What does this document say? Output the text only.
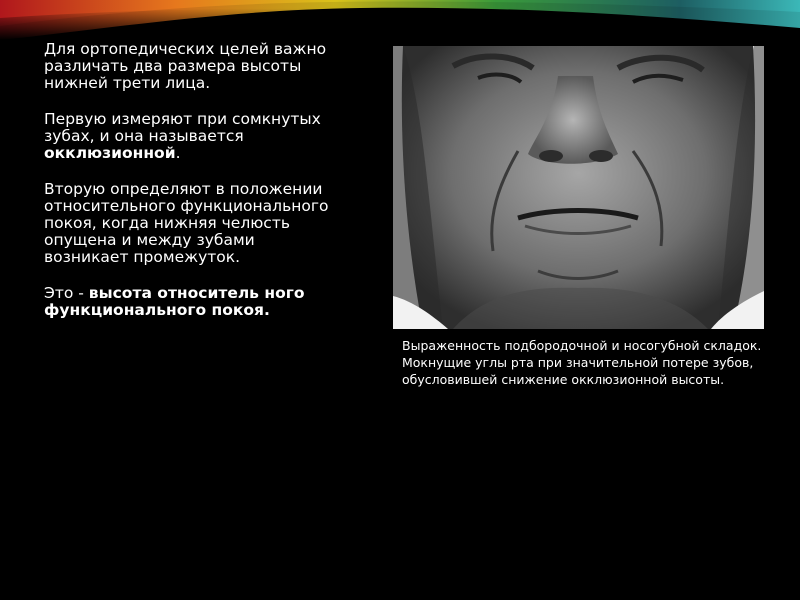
Для ортопедических целей важно различать два размера высоты нижней трети лица.

Первую измеряют при сомкнутых зубах, и она называется окклюзионной.

Вторую определяют в положении относительного функционального покоя, когда нижняя челюсть опущена и между зубами возникает промежуток.

Это - высота относитель ного функционального покоя.

Выраженность подбородочной и носогубной складок. Мокнущие углы рта при значительной потере зубов, обусловившей снижение окклюзионной высоты.
